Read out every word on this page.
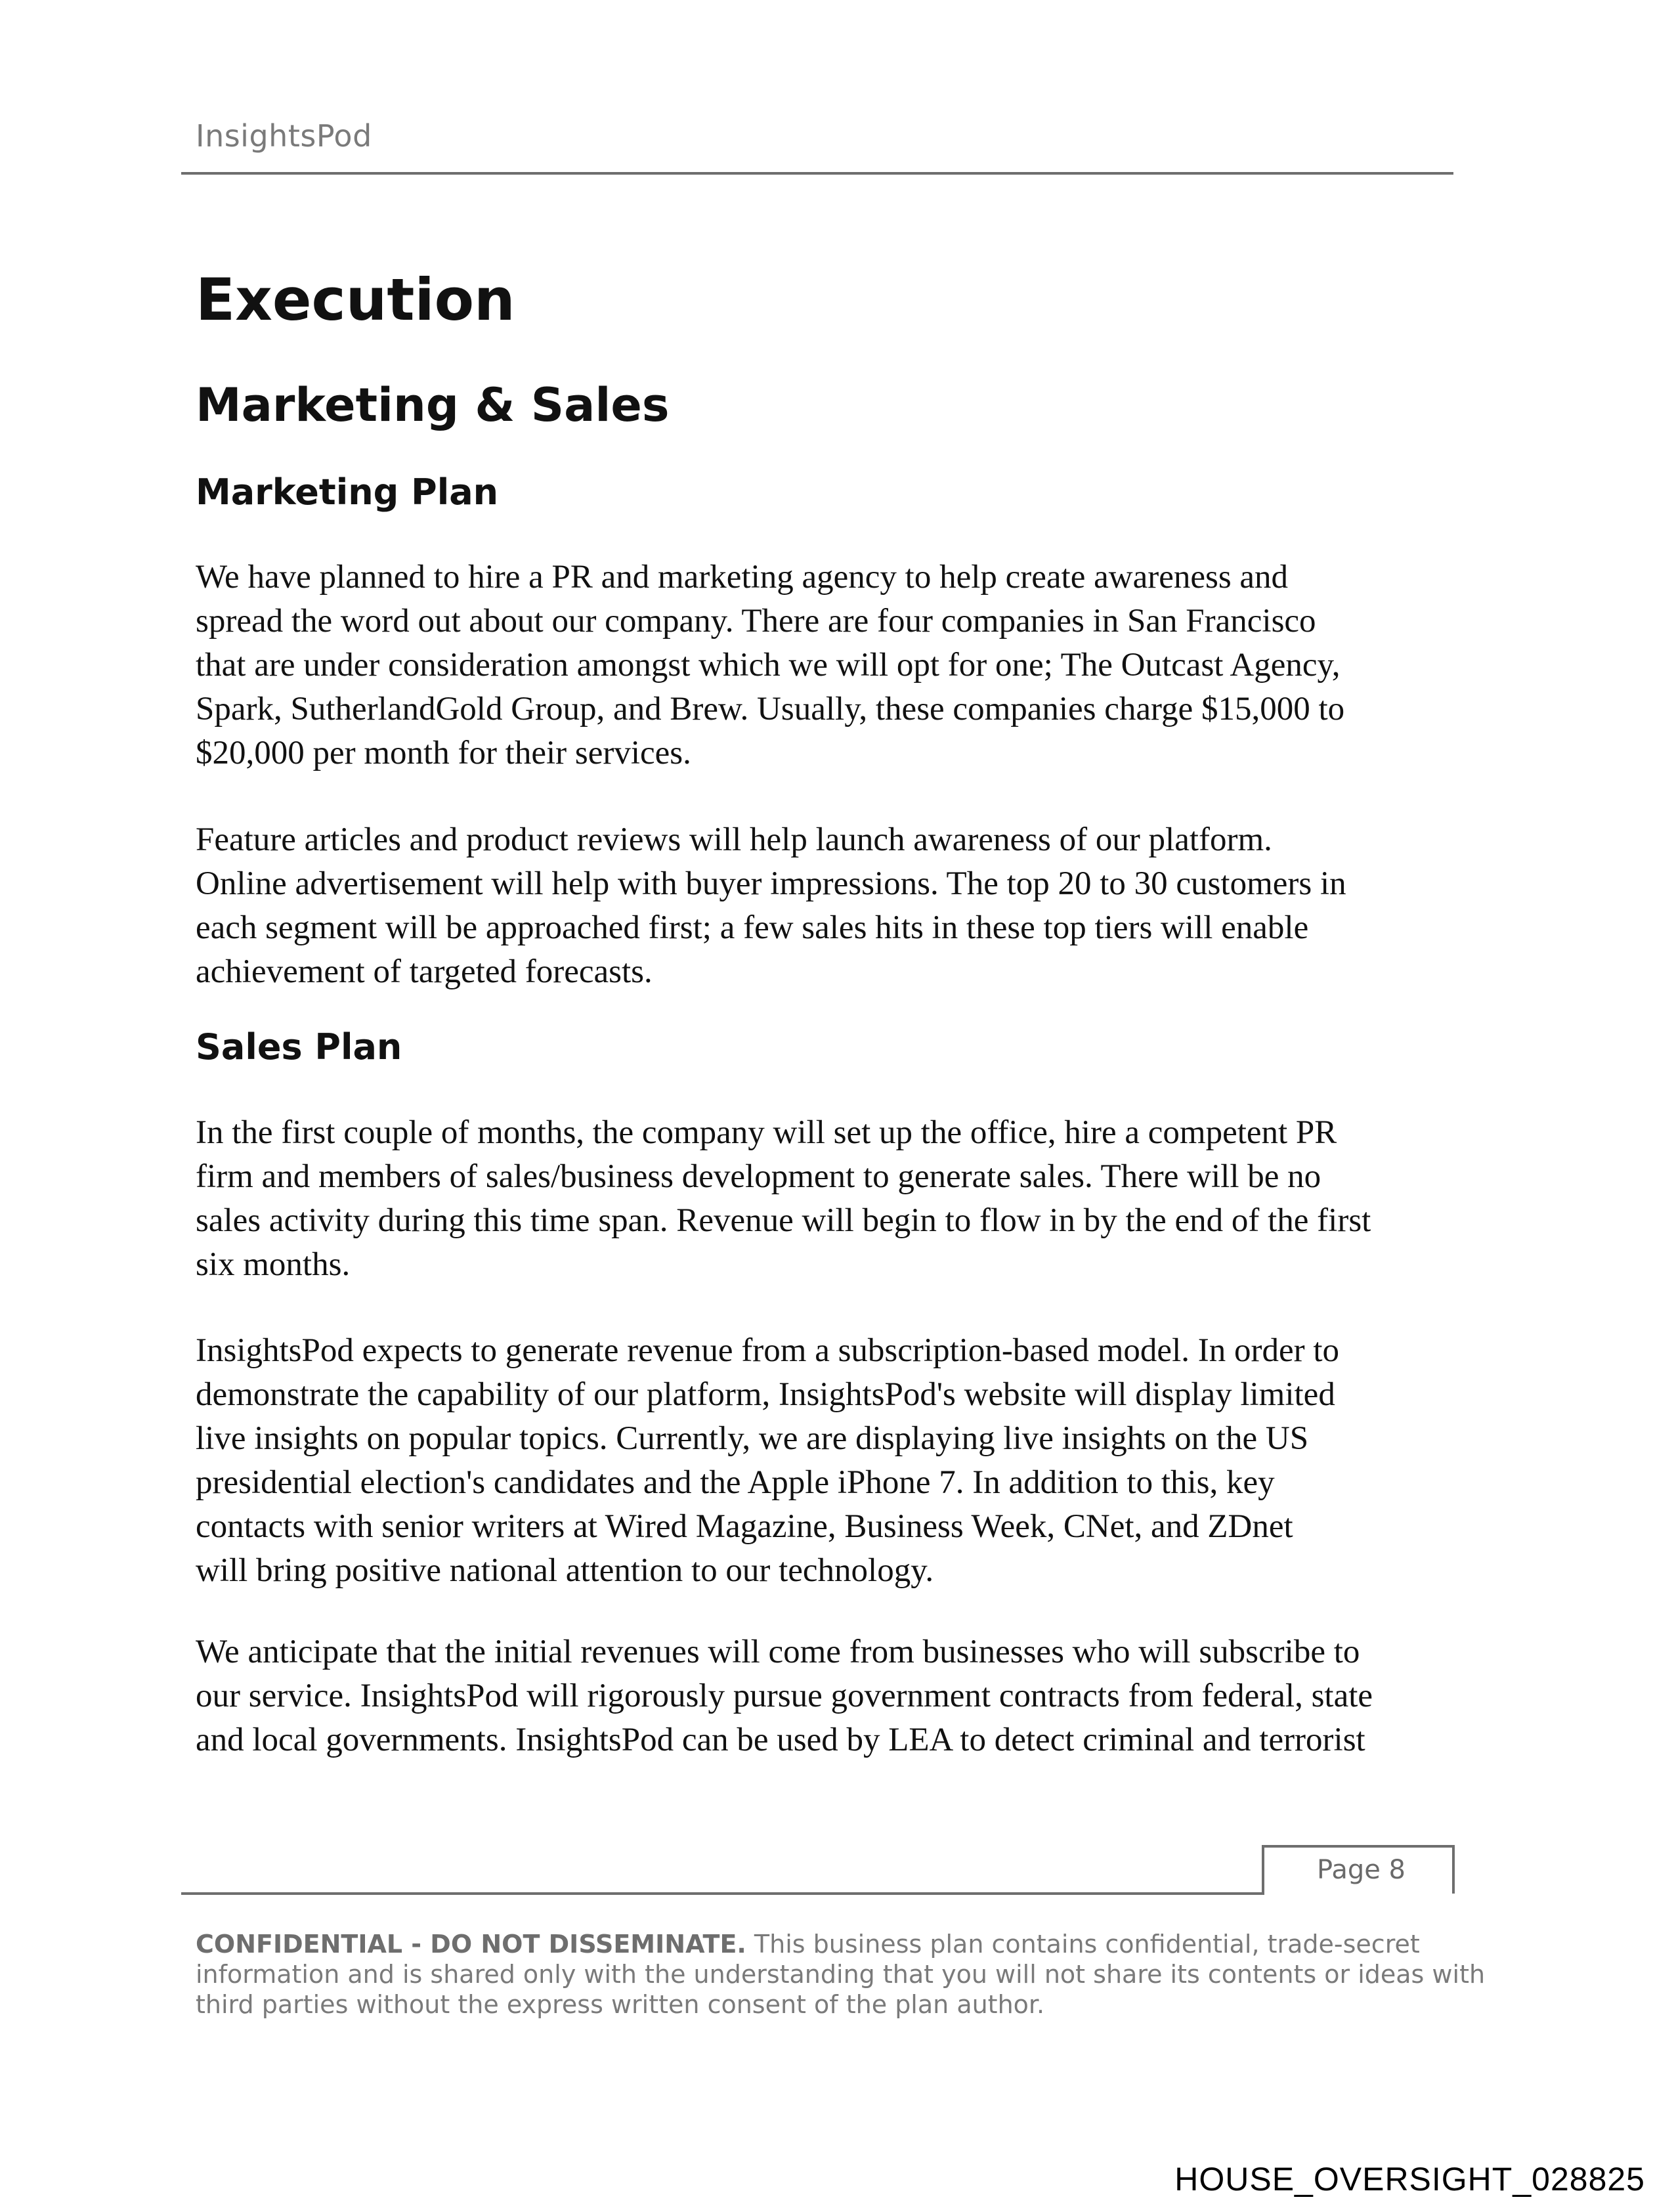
InsightsPod
Execution
Marketing & Sales
Marketing Plan
We have planned to hire a PR and marketing agency to help create awareness and
spread the word out about our company. There are four companies in San Francisco
that are under consideration amongst which we will opt for one; The Outcast Agency,
Spark, SutherlandGold Group, and Brew. Usually, these companies charge $15,000 to
$20,000 per month for their services.
Feature articles and product reviews will help launch awareness of our platform.
Online advertisement will help with buyer impressions. The top 20 to 30 customers in
each segment will be approached first; a few sales hits in these top tiers will enable
achievement of targeted forecasts.
Sales Plan
In the first couple of months, the company will set up the office, hire a competent PR
firm and members of sales/business development to generate sales. There will be no
sales activity during this time span. Revenue will begin to flow in by the end of the first
six months.
InsightsPod expects to generate revenue from a subscription-based model. In order to
demonstrate the capability of our platform, InsightsPod's website will display limited
live insights on popular topics. Currently, we are displaying live insights on the US
presidential election's candidates and the Apple iPhone 7. In addition to this, key
contacts with senior writers at Wired Magazine, Business Week, CNet, and ZDnet
will bring positive national attention to our technology.
We anticipate that the initial revenues will come from businesses who will subscribe to
our service. InsightsPod will rigorously pursue government contracts from federal, state
and local governments. InsightsPod can be used by LEA to detect criminal and terrorist
Page 8
CONFIDENTIAL - DO NOT DISSEMINATE. This business plan contains confidential, trade-secret
information and is shared only with the understanding that you will not share its contents or ideas with
third parties without the express written consent of the plan author.
HOUSE_OVERSIGHT_028825
